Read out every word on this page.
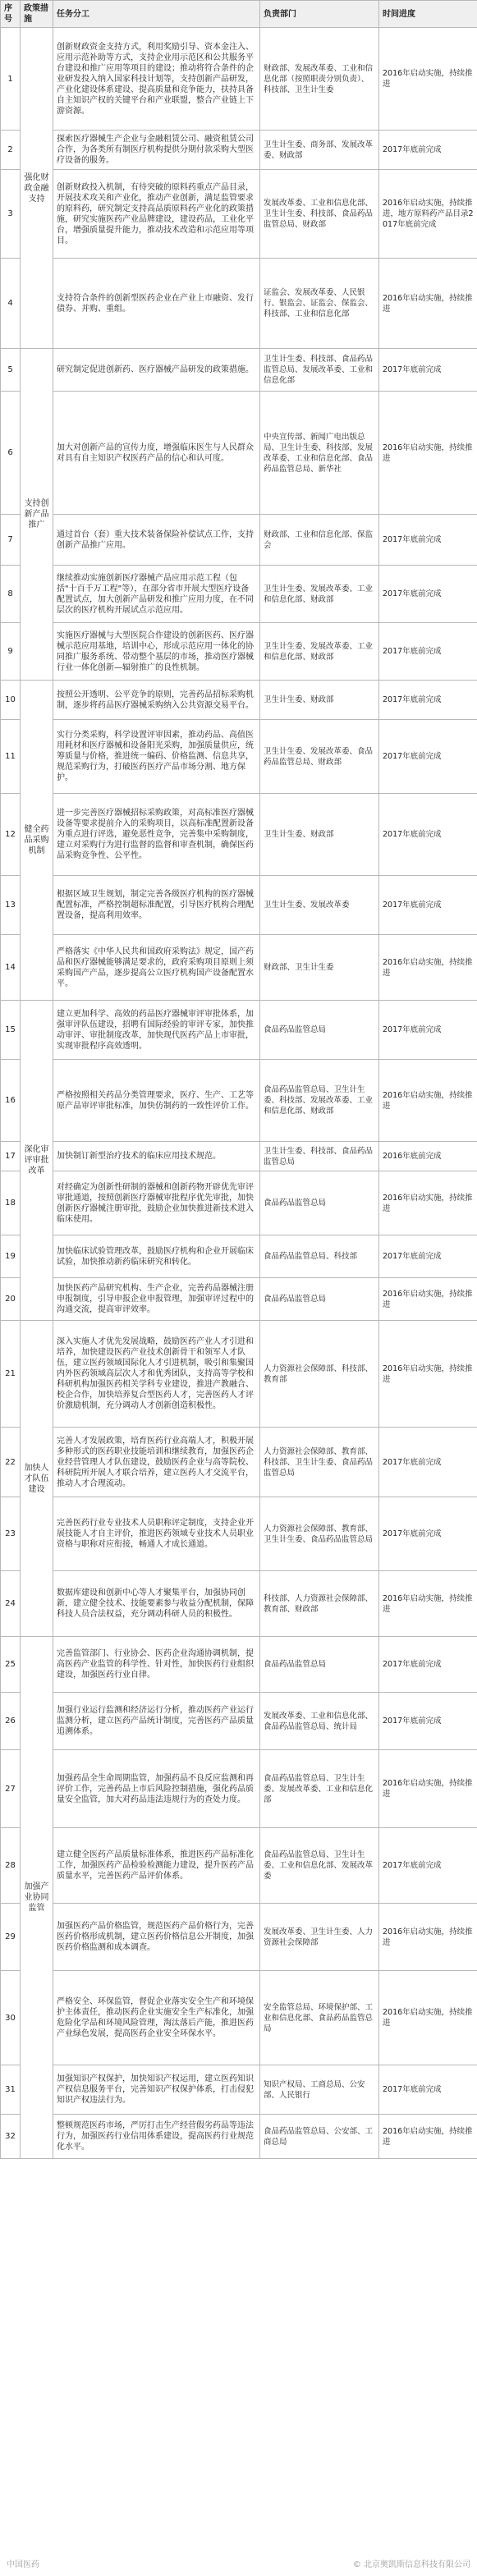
序号	政策措施	任务分工	负责部门	时间进度
1	强化财政金融支持	创新财政资金支持方式，利用奖励引导、资本金注入、应用示范补助等方式，支持企业用示范区和公共服务平台建设和推广应用等项目的建设；推动将符合条件的企业研发投入纳入国家科技计划等，支持创新产品研发，产业化建设体系建设、提高质量和竞争能力，扶持具备自主知识产权的关键平台和产业联盟，整合产业链上下游资源。	财政部、发展改革委、工业和信息化部（按照职责分别负责）、科技部、卫生计生委	2016年启动实施，持续推进
2		探索医疗器械生产企业与金融租赁公司、融资租赁公司合作，为各类所有制医疗机构提供分期付款采购大型医疗设备的服务。	卫生计生委、商务部、发展改革委、财政部	2017年底前完成
3		创新财政投入机制，有待突破的原料药重点产品目录，开展技术攻关和产业化，推动产业创新，满足监管要求的原料药，研究制定支持高品质原料药产业化的政策措施，研究实施医药产业品牌建设，建设药品，工业化平台，增强质量提升能力，推动技术改造和示范应用等项目。	发展改革委、工业和信息化部、卫生计生委、科技部、食品药品监管总局、财政部	2016年启动实施，持续推进，地方原料药产品目录2017年底前完成
4		支持符合条件的创新型医药企业在产业上市融资、发行债券、并购、重组。	证监会、发展改革委、人民银行、银监会、证监会、保监会、科技部、工业和信息化部	2016年启动实施，持续推进
5	支持创新产品推广	研究制定促进创新药、医疗器械产品研发的政策措施。	卫生计生委、科技部、食品药品监管总局、发展改革委、工业和信息化部	2017年底前完成
6		加大对创新产品的宣传力度，增强临床医生与人民群众对具有自主知识产权医药产品的信心和认可度。	中央宣传部、新闻广电出版总局、卫生计生委、科技部、发展改革委、工业和信息化部、食品药品监管总局、新华社	2016年启动实施，持续推进
7		通过首台（套）重大技术装备保险补偿试点工作，支持创新产品推广应用。	财政部、工业和信息化部、保监会	2017年底前完成
8		继续推动实施创新医疗器械产品应用示范工程（包括"十百千万工程"等），在部分省市开展大型医疗设备配置试点，加大创新产品研发和推广应用力度，在不同层次的医疗机构开展试点示范应用。	卫生计生委、发展改革委、工业和信息化部、财政部	2017年底前完成
9		实施医疗器械与大型医院合作建设的创新医药、医疗器械示范应用基地，培训中心，形成示范应用一体化的协同推广服务系统、带动整个基层的市场，推动医疗器械行业一体化创新—辐射推广的良性机制。	卫生计生委、发展改革委、工业和信息化部、财政部	2017年底前完成
10	健全药品采购机制	按照公开透明、公平竞争的原则，完善药品招标采购机制，逐步将药品医疗器械采购纳入公共资源交易平台。	卫生计生委、财政部	2017年底前完成
11		实行分类采购，科学设置评审因素，推动药品、高值医用耗材和医疗器械和设备阳光采购，加强质量供应，统筹质量与价格，推进统一编码、价格监测、信息共享，规范采购行为，打破医药医疗产品市场分割、地方保护。	卫生计生委、发展改革委、食品药品监管总局、财政部	2017年底前完成
12		进一步完善医疗器械招标采购政策，对高标准医疗器械设备等要求提前介入的采购项目，以高标准配置新设备为重点进行评选，避免恶性竞争，完善集中采购制度，建立对采购行为进行监督的监督和审查机制，确保医药品采购竞争性、公平性。	卫生计生委、财政部	2017年底前完成
13		根据区域卫生规划，制定完善各级医疗机构的医疗器械配置标准，严格控制超标准配置，引导医疗机构合理配置设备，提高利用效率。	卫生计生委、发展改革委	2017年底前完成
14		严格落实《中华人民共和国政府采购法》规定，国产药品和医疗器械能够满足要求的，政府采购项目原则上须采购国产产品，逐步提高公立医疗机构国产设备配置水平。	财政部、卫生计生委	2016年启动实施，持续推进
15	深化审评审批改革	建立更加科学、高效的药品医疗器械审评审批体系，加强审评队伍建设，招聘有国际经验的审评专家，加快推动审评、审批制度改革，加快现代医药产品上市审批，实现审批程序高效透明。	食品药品监管总局	2017年底前完成
16		严格按照相关药品分类管理要求，医疗、生产、工艺等原产品审评审批标准，加快仿制药的一致性评价工作。	食品药品监管总局、卫生计生委、科技部、发展改革委、工业和信息化部、财政部	2016年启动实施，持续推进
17		加快制订新型治疗技术的临床应用技术规范。	卫生计生委、科技部、食品药品监管总局	2016年底前完成
18		对经确定为创新性研制的器械和创新药物开辟优先审评审批通道，按照创新医疗器械审批程序优先审批，加快创新医疗器械注册审批，鼓励企业加快推进新技术进入临床使用。	食品药品监管总局	2016年启动实施，持续推进
19		加快临床试验管理改革，鼓励医疗机构和企业开展临床试验，加快推动新药临床研究和转化。	食品药品监管总局、科技部	2017年底前完成
20		加快医药产品研究机构、生产企业，完善药品器械注册申报制度，引导申报企业申报管理，加强审评过程中的沟通交流，提高审评效率。	食品药品监管总局	2016年启动实施，持续推进
21	加快人才队伍建设	深入实施人才优先发展战略，鼓励医药产业人才引进和培养，加快建设医药产业技术创新骨干和领军人才队伍，建立医药领域国际化人才引进机制，吸引和集聚国内外医药领域高层次人才和优秀团队，支持高等学校和科研机构加强医药相关学科专业建设，推进产教融合、校企合作，加快培养复合型医药人才，完善医药人才评价激励机制，充分调动人才创新创造积极性。	人力资源社会保障部、科技部、教育部	2016年启动实施，持续推进
22		完善人才发展政策，培育医药行业高端人才，积极开展多种形式的医药职业技能培训和继续教育，加强医药企业经营管理人才队伍建设，鼓励医药企业与高等院校、科研院所开展人才联合培养，建立医药人才交流平台，推动人才合理流动。	人力资源社会保障部、教育部、科技部、卫生计生委、食品药品监管总局	2017年底前完成
23		完善医药行业专业技术人员职称评定制度，支持企业开展技能人才自主评价，推进医药领域专业技术人员职业资格与职称对应衔接，畅通人才成长通道。	人力资源社会保障部、教育部、卫生计生委、食品药品监管总局	2017年底前完成
24		数据库建设和创新中心等人才聚集平台，加强协同创新，建立健全技术、技能要素参与收益分配机制，保障科技人员合法权益，充分调动科研人员的积极性。	科技部、人力资源社会保障部、教育部、财政部	2016年启动实施，持续推进
25	加强产业协同监管	完善监管部门、行业协会、医药企业沟通协调机制，提高医药产业监管的科学性、针对性，加快医药行业组织建设，加强医药行业自律。	食品药品监管总局	2017年底前完成
26		加强行业运行监测和经济运行分析，推动医药产业运行监测分析，建立医药产品统计制度，完善医药产品质量追溯体系。	发展改革委、工业和信息化部、食品药品监管总局、统计局	2017年底前完成
27		加强药品全生命周期监管，加强药品不良反应监测和再评价工作，完善药品上市后风险控制措施，强化药品质量安全监管，加大对药品违法违规行为的查处力度。	食品药品监管总局、卫生计生委、发展改革委、工业和信息化部	2016年启动实施，持续推进
28		建立健全医药产品质量标准体系，推进医药产品标准化工作，加强医药产品检验检测能力建设，提升医药产品质量水平，完善医药产品评价体系。	食品药品监管总局、卫生计生委、工业和信息化部、发展改革委	2017年底前完成
29		加强医药产品价格监管，规范医药产品价格行为，完善医药价格形成机制，建立医药价格信息公开制度，加强医药价格监测和成本调查。	发展改革委、卫生计生委、人力资源社会保障部	2016年启动实施，持续推进
30		严格安全、环保监管，督促企业落实安全生产和环境保护主体责任，推动医药企业实施安全生产标准化，加强危险化学品和环境风险管理，淘汰落后产能，推进医药产业绿色发展，提高医药企业安全环保水平。	安全监管总局、环境保护部、工业和信息化部、食品药品监管总局	2016年启动实施，持续推进
31		加强知识产权保护，加快知识产权运用，建立医药知识产权信息服务平台，完善知识产权保护体系，打击侵犯知识产权违法行为。	知识产权局、工商总局、公安部、人民银行	2017年底前完成
32		整顿规范医药市场，严厉打击生产经营假劣药品等违法行为，加强医药行业信用体系建设，提高医药行业规范化水平。	食品药品监管总局、公安部、工商总局	2016年启动实施，持续推进
中国医药	© 北京奥凯斯信息科技有限公司
